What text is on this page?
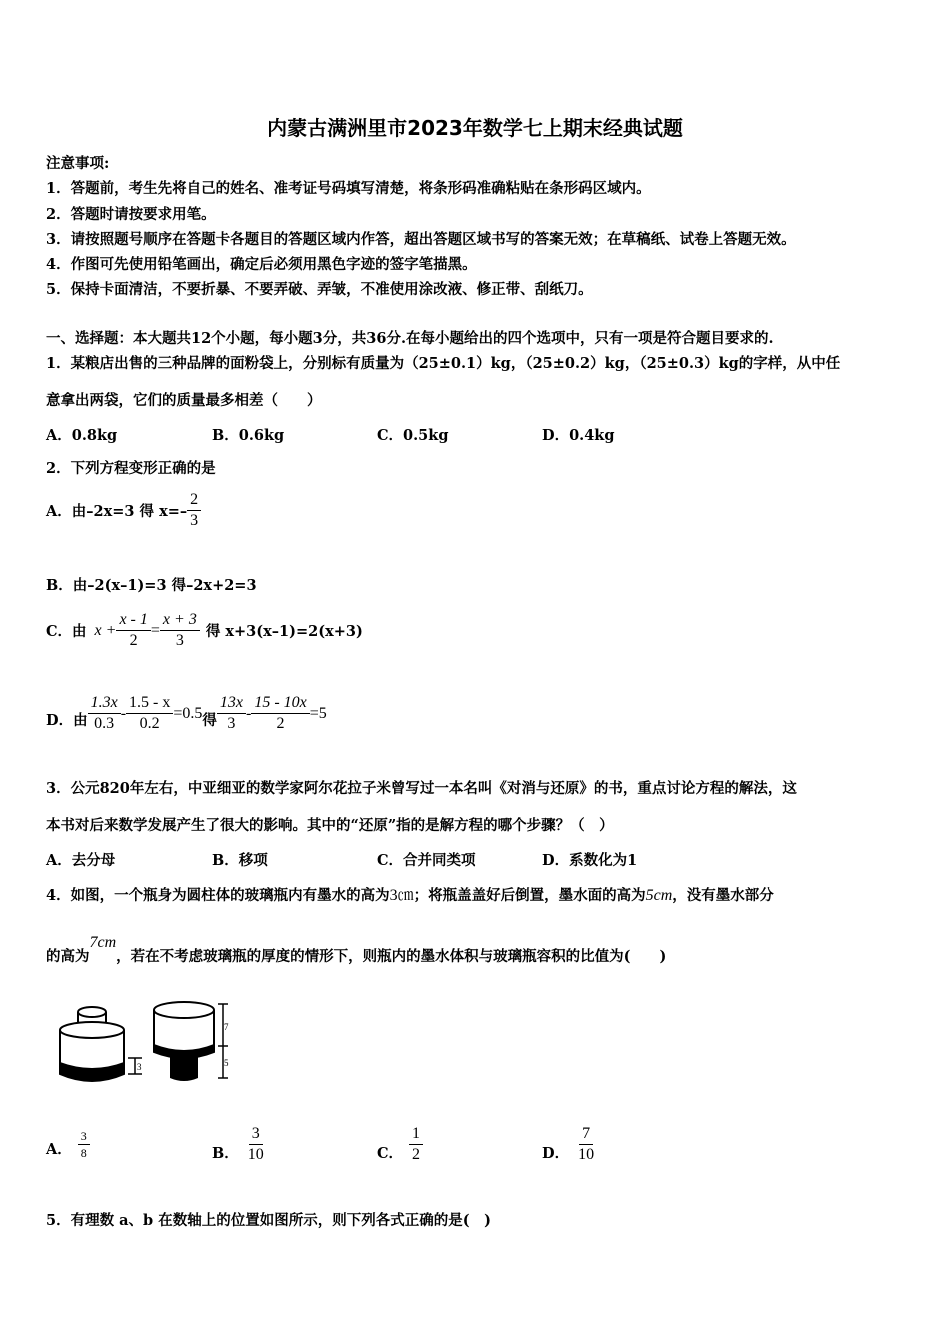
内蒙古满洲里市2023年数学七上期末经典试题
注意事项:
1．答题前，考生先将自己的姓名、准考证号码填写清楚，将条形码准确粘贴在条形码区域内。
2．答题时请按要求用笔。
3．请按照题号顺序在答题卡各题目的答题区域内作答，超出答题区域书写的答案无效；在草稿纸、试卷上答题无效。
4．作图可先使用铅笔画出，确定后必须用黑色字迹的签字笔描黑。
5．保持卡面清洁，不要折暴、不要弄破、弄皱，不准使用涂改液、修正带、刮纸刀。
一、选择题：本大题共12个小题，每小题3分，共36分.在每小题给出的四个选项中，只有一项是符合题目要求的.
1．某粮店出售的三种品牌的面粉袋上，分别标有质量为（25±0.1）kg，（25±0.2）kg，（25±0.3）kg的字样，从中任
意拿出两袋，它们的质量最多相差（　　）
A．0.8kg	B．0.6kg	C．0.5kg	D．0.4kg
2．下列方程变形正确的是
A．由–2x=3 得 $x=- \frac{2}{3}$
B．由–2(x–1)=3 得–2x+2=3
C．由 $x + \frac{x - 1}{2} = \frac{x + 3}{3}$ 得 x+3(x–1)=2(x+3)
D．由 $\frac{1.3x}{0.3} - \frac{1.5 - x}{0.2} =0.5$ 得 $\frac{13x}{3} - \frac{15 - 10x}{2} =5$
3．公元820年左右，中亚细亚的数学家阿尔花拉子米曾写过一本名叫《对消与还原》的书，重点讨论方程的解法，这
本书对后来数学发展产生了很大的影响。其中的“还原”指的是解方程的哪个步骤？（　）
A．去分母	B．移项	C．合并同类项	D．系数化为1
4．如图，一个瓶身为圆柱体的玻璃瓶内有墨水的高为3㎝；将瓶盖盖好后倒置，墨水面的高为5cm，没有墨水部分
的高为7cm，若在不考虑玻璃瓶的厚度的情形下，则瓶内的墨水体积与玻璃瓶容积的比值为(　　)
3
7
5
A． $\frac{3}{8}$	B． $\frac{3}{10}$	C． $\frac{1}{2}$	D． $\frac{7}{10}$
5．有理数 a、b 在数轴上的位置如图所示，则下列各式正确的是(　)
